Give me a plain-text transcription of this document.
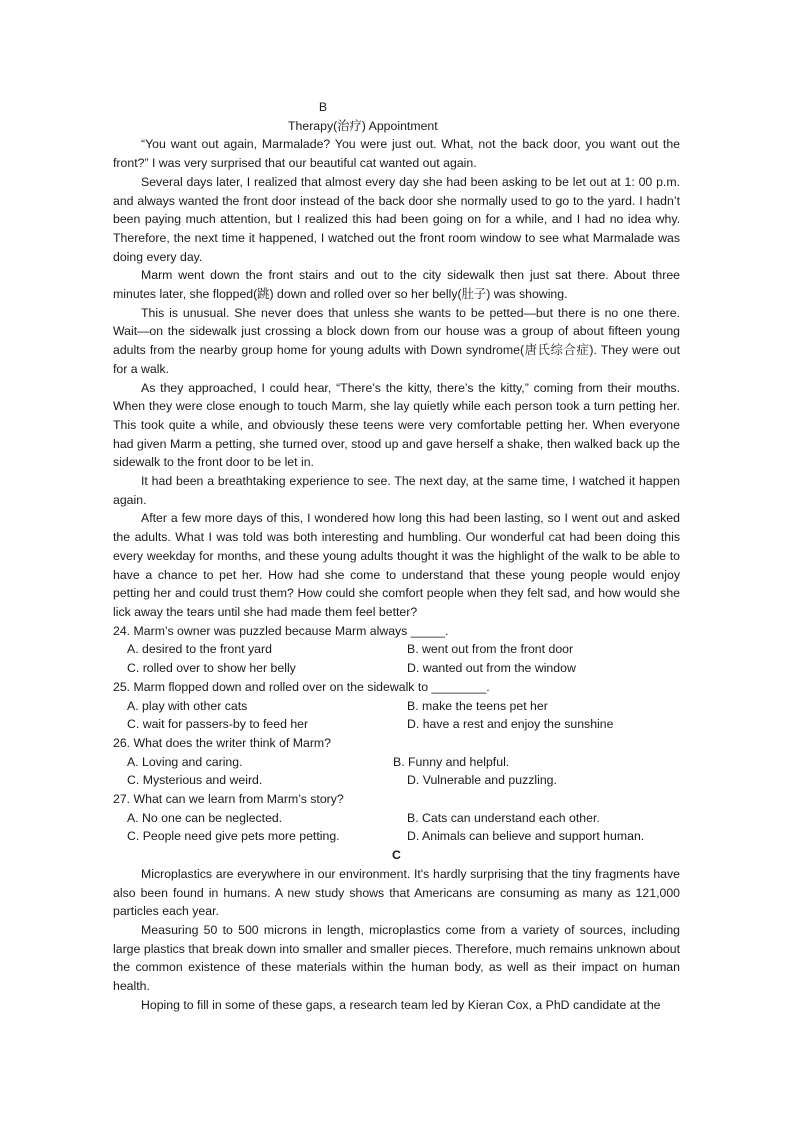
B
Therapy(治疗) Appointment

“You want out again, Marmalade? You were just out. What, not the back door, you want out the front?” I was very surprised that our beautiful cat wanted out again.

Several days later, I realized that almost every day she had been asking to be let out at 1: 00 p.m. and always wanted the front door instead of the back door she normally used to go to the yard. I hadn’t been paying much attention, but I realized this had been going on for a while, and I had no idea why. Therefore, the next time it happened, I watched out the front room window to see what Marmalade was doing every day.

Marm went down the front stairs and out to the city sidewalk then just sat there. About three minutes later, she flopped(跳) down and rolled over so her belly(肚子) was showing.

This is unusual. She never does that unless she wants to be petted—but there is no one there. Wait—on the sidewalk just crossing a block down from our house was a group of about fifteen young adults from the nearby group home for young adults with Down syndrome(唐氏综合症). They were out for a walk.

As they approached, I could hear, “There’s the kitty, there’s the kitty,” coming from their mouths. When they were close enough to touch Marm, she lay quietly while each person took a turn petting her. This took quite a while, and obviously these teens were very comfortable petting her. When everyone had given Marm a petting, she turned over, stood up and gave herself a shake, then walked back up the sidewalk to the front door to be let in.

It had been a breathtaking experience to see. The next day, at the same time, I watched it happen again.

After a few more days of this, I wondered how long this had been lasting, so I went out and asked the adults. What I was told was both interesting and humbling. Our wonderful cat had been doing this every weekday for months, and these young adults thought it was the highlight of the walk to be able to have a chance to pet her. How had she come to understand that these young people would enjoy petting her and could trust them? How could she comfort people when they felt sad, and how would she lick away the tears until she had made them feel better?

24. Marm’s owner was puzzled because Marm always _____.

A. desired to the front yard	B. went out from the front door
C. rolled over to show her belly	D. wanted out from the window

25. Marm flopped down and rolled over on the sidewalk to ________.

A. play with other cats	B. make the teens pet her
C. wait for passers-by to feed her	D. have a rest and enjoy the sunshine

26. What does the writer think of Marm?

A. Loving and caring.	B. Funny and helpful.
C. Mysterious and weird.	D. Vulnerable and puzzling.

27. What can we learn from Marm’s story?

A. No one can be neglected.	B. Cats can understand each other.
C. People need give pets more petting.	D. Animals can believe and support human.
C

Microplastics are everywhere in our environment. It's hardly surprising that the tiny fragments have also been found in humans. A new study shows that Americans are consuming as many as 121,000 particles each year.

Measuring 50 to 500 microns in length, microplastics come from a variety of sources, including large plastics that break down into smaller and smaller pieces. Therefore, much remains unknown about the common existence of these materials within the human body, as well as their impact on human health.

Hoping to fill in some of these gaps, a research team led by Kieran Cox, a PhD candidate at the
